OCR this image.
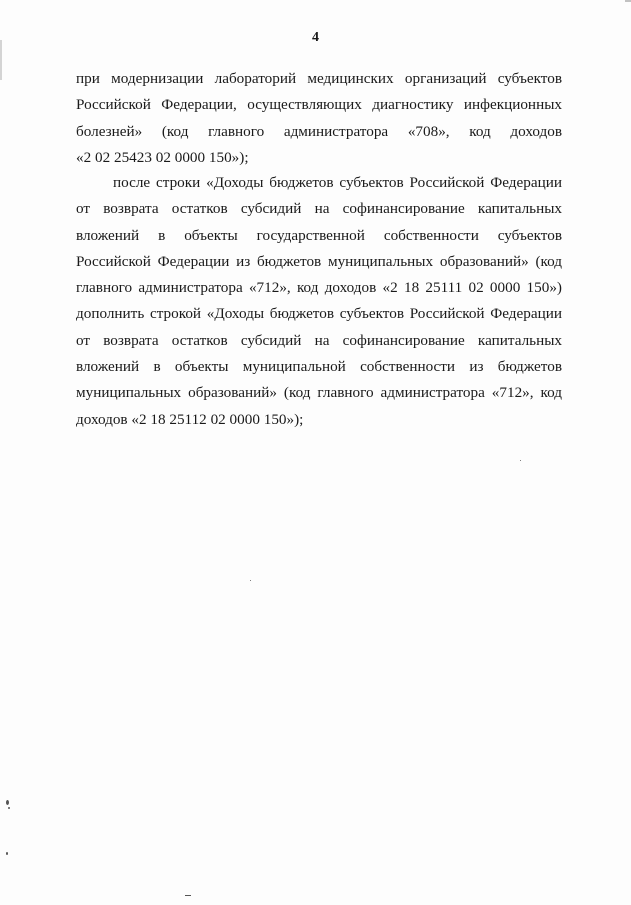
4
при модернизации лабораторий медицинских организаций субъектов
Российской Федерации, осуществляющих диагностику инфекционных
болезней» (код главного администратора «708», код доходов
«2 02 25423 02 0000 150»);
после строки «Доходы бюджетов субъектов Российской Федерации
от возврата остатков субсидий на софинансирование капитальных
вложений в объекты государственной собственности субъектов
Российской Федерации из бюджетов муниципальных образований» (код
главного администратора «712», код доходов «2 18 25111 02 0000 150»)
дополнить строкой «Доходы бюджетов субъектов Российской Федерации
от возврата остатков субсидий на софинансирование капитальных
вложений в объекты муниципальной собственности из бюджетов
муниципальных образований» (код главного администратора «712», код
доходов «2 18 25112 02 0000 150»);
